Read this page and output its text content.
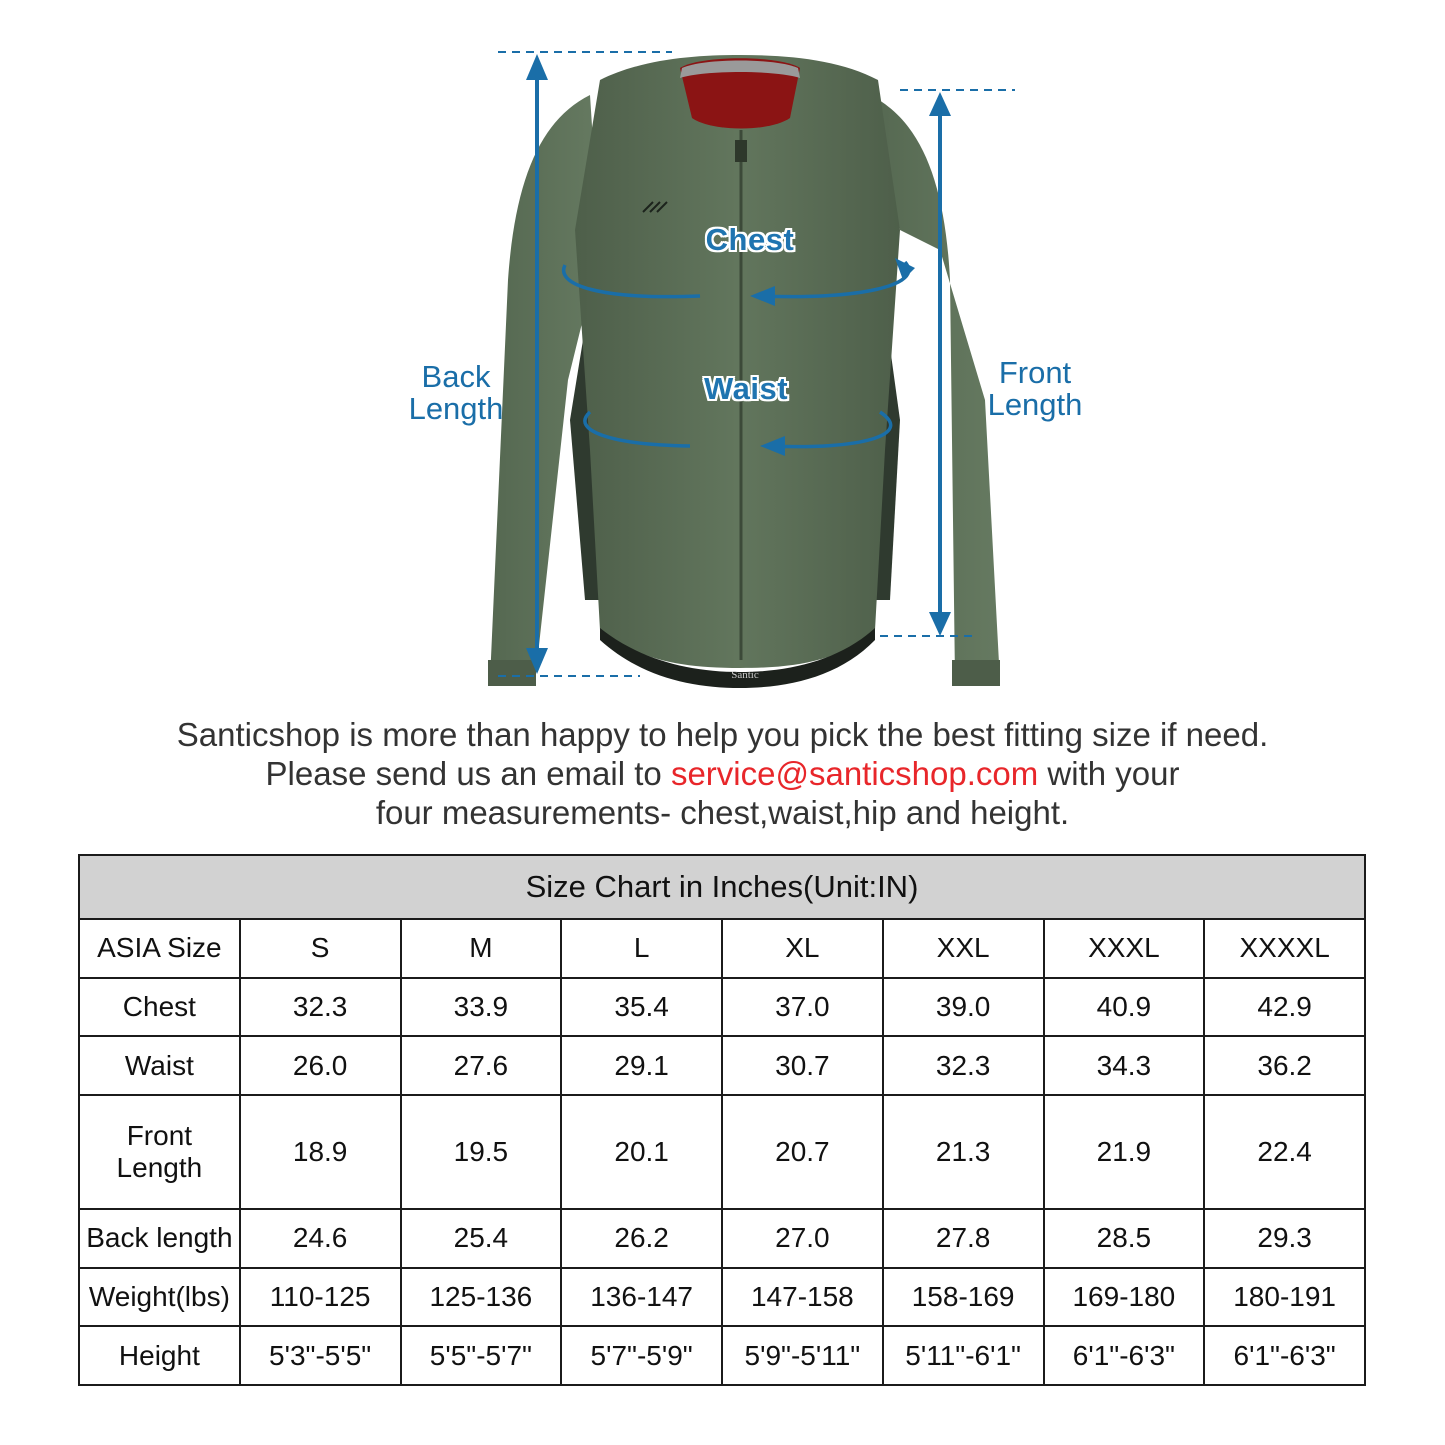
Santic
Chest
Waist
Back
Length
Front
Length
Santicshop is more than happy to help you pick the best fitting size if need.
Please send us an email to service@santicshop.com with your
four measurements- chest,waist,hip and height.
Size Chart in Inches(Unit:IN)							
ASIA Size	S	M	L	XL	XXL	XXXL	XXXXL
Chest	32.3	33.9	35.4	37.0	39.0	40.9	42.9
Waist	26.0	27.6	29.1	30.7	32.3	34.3	36.2
Front Length	18.9	19.5	20.1	20.7	21.3	21.9	22.4
Back length	24.6	25.4	26.2	27.0	27.8	28.5	29.3
Weight(lbs)	110-125	125-136	136-147	147-158	158-169	169-180	180-191
Height	5'3"-5'5"	5'5"-5'7"	5'7"-5'9"	5'9"-5'11"	5'11"-6'1"	6'1"-6'3"	6'1"-6'3"
